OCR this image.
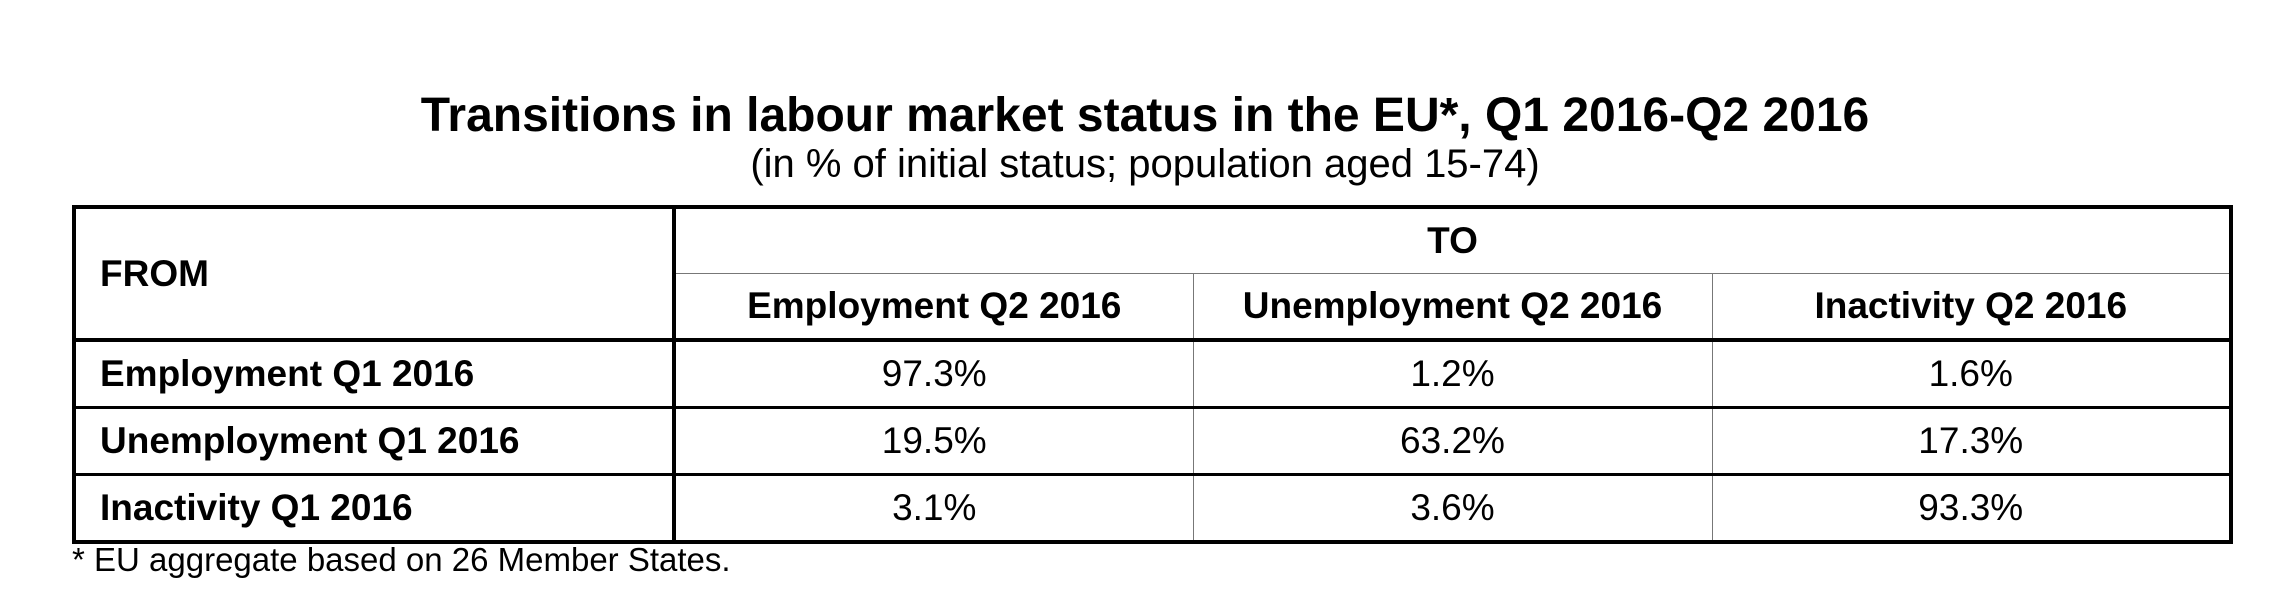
Transitions in labour market status in the EU*, Q1 2016-Q2 2016

(in % of initial status; population aged 15-74)

FROM	TO		
	Employment Q2 2016	Unemployment Q2 2016	Inactivity Q2 2016
Employment Q1 2016	97.3%	1.2%	1.6%
Unemployment Q1 2016	19.5%	63.2%	17.3%
Inactivity Q1 2016	3.1%	3.6%	93.3%

* EU aggregate based on 26 Member States.
